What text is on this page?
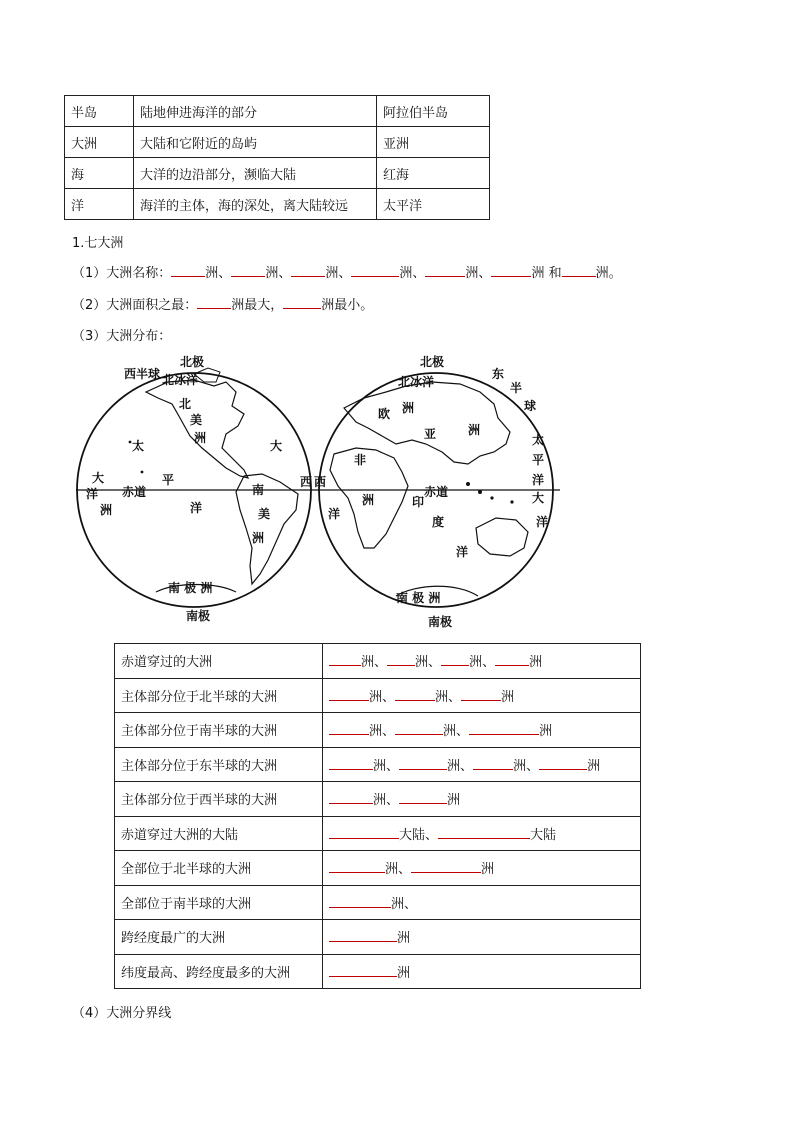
半岛	陆地伸进海洋的部分	阿拉伯半岛
大洲	大陆和它附近的岛屿	亚洲
海	大洋的边沿部分，濒临大陆	红海
洋	海洋的主体，海的深处，离大陆较远	太平洋
1.七大洲
（1）大洲名称：	洲、	洲、	洲、	洲、	洲、	洲 和	洲。
（2）大洲面积之最：	洲最大，	洲最小。
（3）大洲分布：
西半球
北极
北冰洋
北
美
洲
太
平
洋
大
洋
洲
赤道
大
南
美
洲
西
南 极 洲
南极
北极
北冰洋
东
半
球
欧 洲
亚	洲
太
平
洋
非
洲
洋
西
赤道
印
度
洋
大
洋
南 极 洲
南极
赤道穿过的大洲	洲、 洲、 洲、 洲
主体部分位于北半球的大洲	洲、 洲、 洲
主体部分位于南半球的大洲	洲、 洲、 洲
主体部分位于东半球的大洲	洲、 洲、 洲、 洲
主体部分位于西半球的大洲	洲、 洲
赤道穿过大洲的大陆	大陆、 大陆
全部位于北半球的大洲	洲、 洲
全部位于南半球的大洲	洲、
跨经度最广的大洲	洲
纬度最高、跨经度最多的大洲	洲
（4）大洲分界线
